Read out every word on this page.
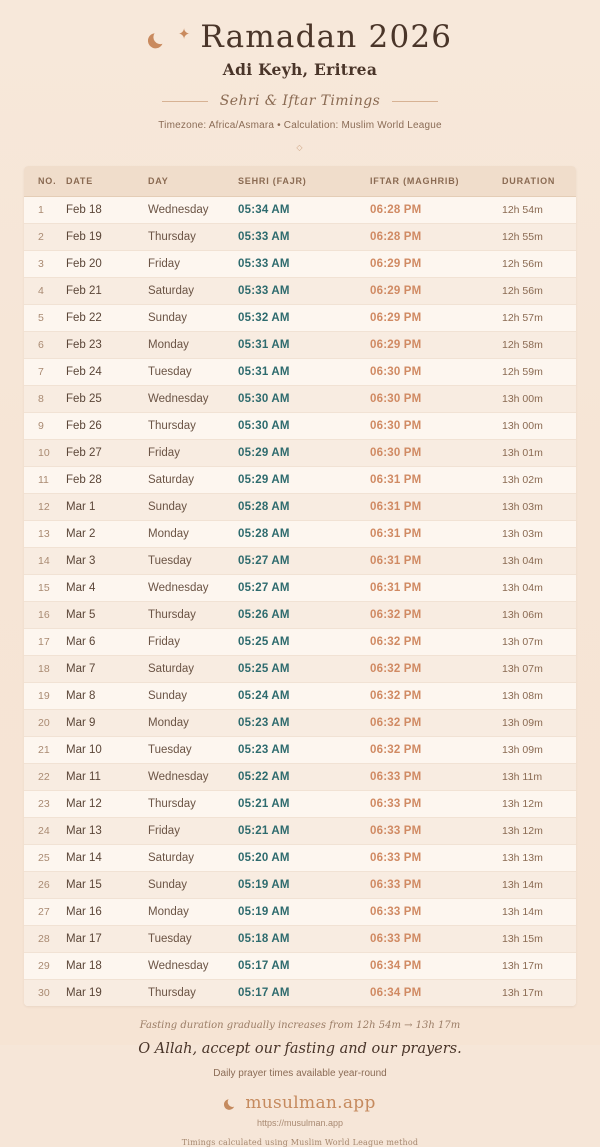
✦ Ramadan 2026
Adi Keyh, Eritrea
Sehri & Iftar Timings
Timezone: Africa/Asmara • Calculation: Muslim World League
◇
NO.	DATE	DAY	SEHRI (FAJR)	IFTAR (MAGHRIB)	DURATION
1	Feb 18	Wednesday	05:34 AM	06:28 PM	12h 54m
2	Feb 19	Thursday	05:33 AM	06:28 PM	12h 55m
3	Feb 20	Friday	05:33 AM	06:29 PM	12h 56m
4	Feb 21	Saturday	05:33 AM	06:29 PM	12h 56m
5	Feb 22	Sunday	05:32 AM	06:29 PM	12h 57m
6	Feb 23	Monday	05:31 AM	06:29 PM	12h 58m
7	Feb 24	Tuesday	05:31 AM	06:30 PM	12h 59m
8	Feb 25	Wednesday	05:30 AM	06:30 PM	13h 00m
9	Feb 26	Thursday	05:30 AM	06:30 PM	13h 00m
10	Feb 27	Friday	05:29 AM	06:30 PM	13h 01m
11	Feb 28	Saturday	05:29 AM	06:31 PM	13h 02m
12	Mar 1	Sunday	05:28 AM	06:31 PM	13h 03m
13	Mar 2	Monday	05:28 AM	06:31 PM	13h 03m
14	Mar 3	Tuesday	05:27 AM	06:31 PM	13h 04m
15	Mar 4	Wednesday	05:27 AM	06:31 PM	13h 04m
16	Mar 5	Thursday	05:26 AM	06:32 PM	13h 06m
17	Mar 6	Friday	05:25 AM	06:32 PM	13h 07m
18	Mar 7	Saturday	05:25 AM	06:32 PM	13h 07m
19	Mar 8	Sunday	05:24 AM	06:32 PM	13h 08m
20	Mar 9	Monday	05:23 AM	06:32 PM	13h 09m
21	Mar 10	Tuesday	05:23 AM	06:32 PM	13h 09m
22	Mar 11	Wednesday	05:22 AM	06:33 PM	13h 11m
23	Mar 12	Thursday	05:21 AM	06:33 PM	13h 12m
24	Mar 13	Friday	05:21 AM	06:33 PM	13h 12m
25	Mar 14	Saturday	05:20 AM	06:33 PM	13h 13m
26	Mar 15	Sunday	05:19 AM	06:33 PM	13h 14m
27	Mar 16	Monday	05:19 AM	06:33 PM	13h 14m
28	Mar 17	Tuesday	05:18 AM	06:33 PM	13h 15m
29	Mar 18	Wednesday	05:17 AM	06:34 PM	13h 17m
30	Mar 19	Thursday	05:17 AM	06:34 PM	13h 17m
Fasting duration gradually increases from 12h 54m → 13h 17m
O Allah, accept our fasting and our prayers.
Daily prayer times available year-round
musulman.app
https://musulman.app
Timings calculated using Muslim World League method
